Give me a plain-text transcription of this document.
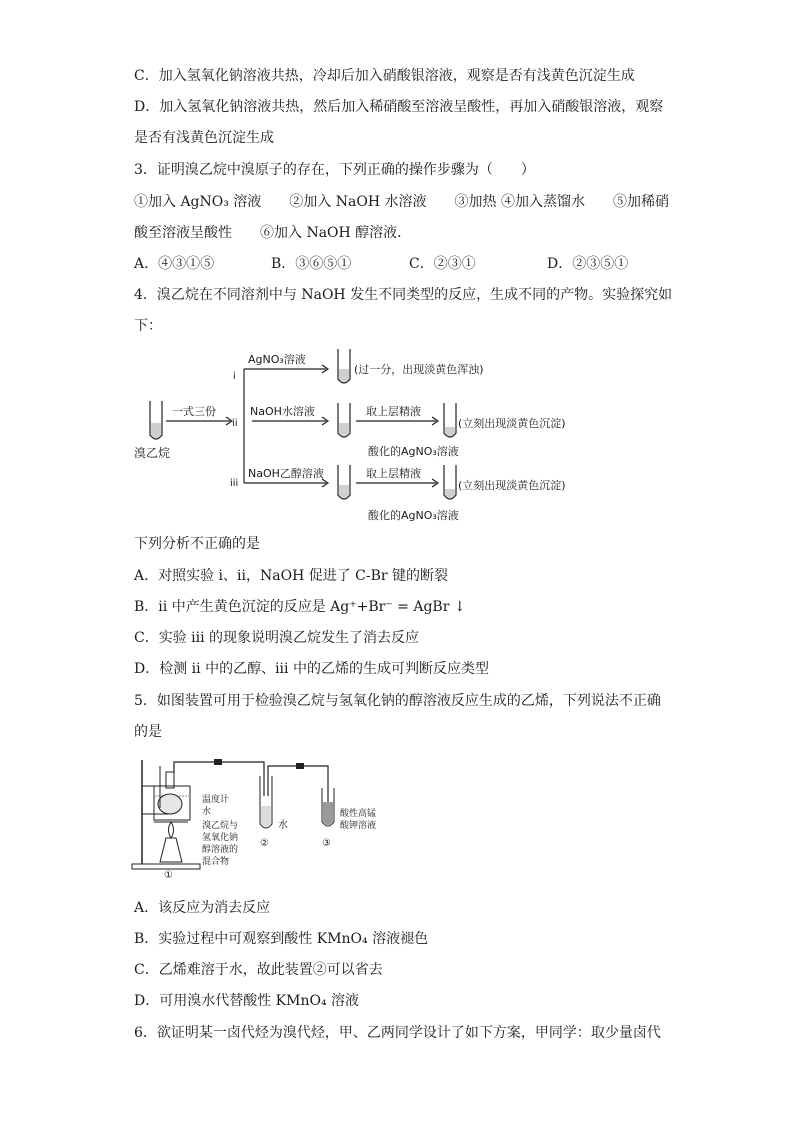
C．加入氢氧化钠溶液共热，冷却后加入硝酸银溶液，观察是否有浅黄色沉淀生成
D．加入氢氧化钠溶液共热，然后加入稀硝酸至溶液呈酸性，再加入硝酸银溶液，观察
是否有浅黄色沉淀生成
3．证明溴乙烷中溴原子的存在，下列正确的操作步骤为（　　）
①加入 AgNO₃ 溶液　　②加入 NaOH 水溶液　　③加热 ④加入蒸馏水　　⑤加稀硝
酸至溶液呈酸性　　⑥加入 NaOH 醇溶液．
A．④③①⑤	B．③⑥⑤①	C．②③①	D．②③⑤①
4．溴乙烷在不同溶剂中与 NaOH 发生不同类型的反应，生成不同的产物。实验探究如
下：
溴乙烷
一式三份
i
ii
iii
AgNO₃溶液
(过一分，出现淡黄色浑浊)
NaOH水溶液	取上层精液
酸化的AgNO₃溶液
(立刻出现淡黄色沉淀)
NaOH乙醇溶液	取上层精液
酸化的AgNO₃溶液
(立刻出现淡黄色沉淀)
下列分析不正确的是
A．对照实验 i、ii，NaOH 促进了 C-Br 键的断裂
B．ii 中产生黄色沉淀的反应是 Ag⁺+Br⁻ = AgBr ↓
C．实验 iii 的现象说明溴乙烷发生了消去反应
D．检测 ii 中的乙醇、iii 中的乙烯的生成可判断反应类型
5．如图装置可用于检验溴乙烷与氢氧化钠的醇溶液反应生成的乙烯，下列说法不正确
的是
温度计
水
溴乙烷与
氢氧化钠
醇溶液的
混合物
水
酸性高锰
酸钾溶液
①
②	③
A．该反应为消去反应
B．实验过程中可观察到酸性 KMnO₄ 溶液褪色
C．乙烯难溶于水，故此装置②可以省去
D．可用溴水代替酸性 KMnO₄ 溶液
6．欲证明某一卤代烃为溴代烃，甲、乙两同学设计了如下方案，甲同学：取少量卤代
